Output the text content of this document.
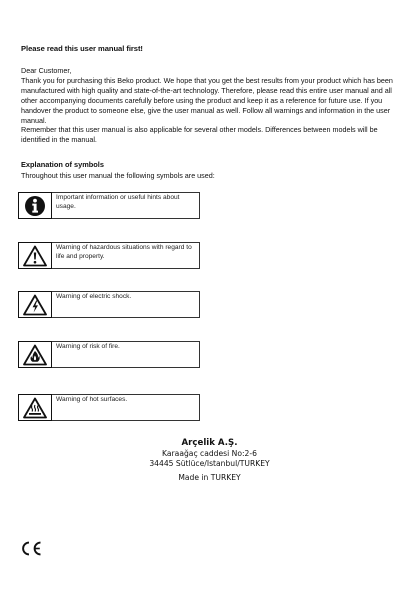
Please read this user manual first!

Dear Customer,

Thank you for purchasing this Beko product. We hope that you get the best results from your product which has been manufactured with high quality and state-of-the-art technology. Therefore, please read this entire user manual and all other accompanying documents carefully before using the product and keep it as a reference for future use. If you handover the product to someone else, give the user manual as well. Follow all warnings and information in the user manual.

Remember that this user manual is also applicable for several other models. Differences between models will be identified in the manual.

Explanation of symbols
Throughout this user manual the following symbols are used:
Important information or useful hints about usage.
Warning of hazardous situations with regard to life and property.
Warning of electric shock.
Warning of risk of fire.
Warning of hot surfaces.
Arçelik A.Ş.
Karaağaç caddesi No:2-6
34445 Sütlüce/Istanbul/TURKEY
Made in TURKEY
